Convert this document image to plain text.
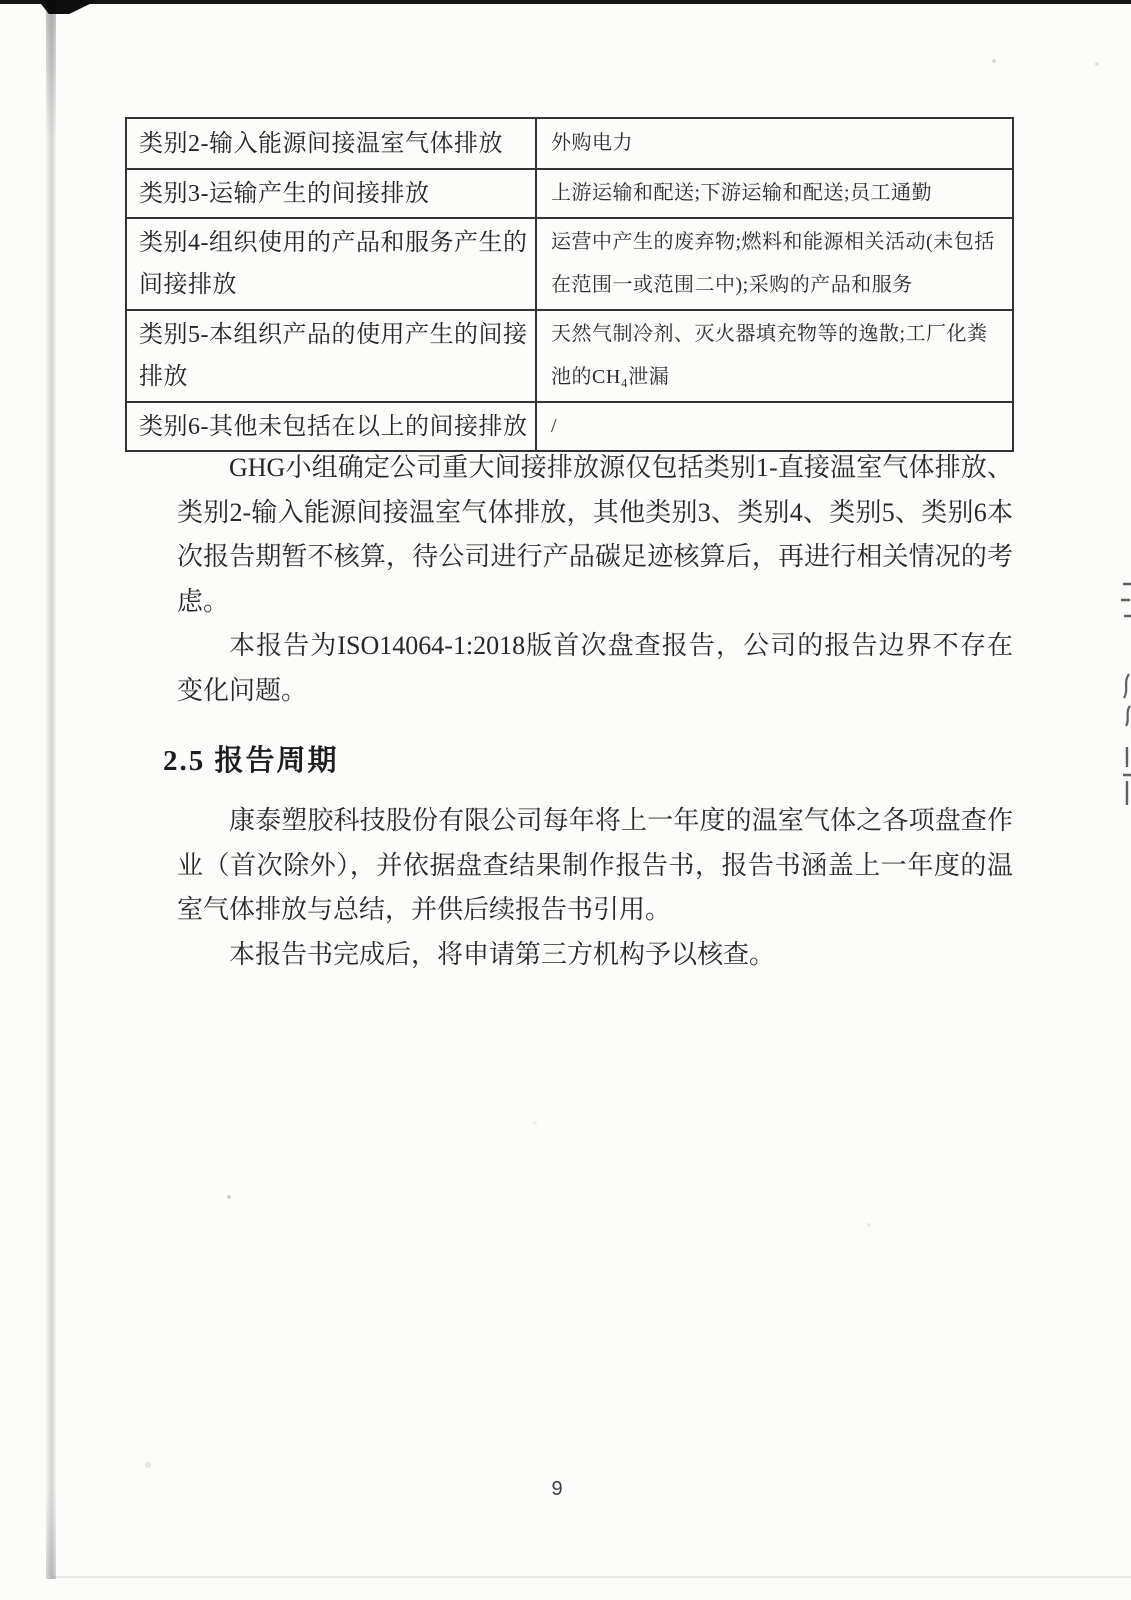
类别2-输入能源间接温室气体排放	外购电力
类别3-运输产生的间接排放	上游运输和配送;下游运输和配送;员工通勤
类别4-组织使用的产品和服务产生的间接排放	运营中产生的废弃物;燃料和能源相关活动(未包括在范围一或范围二中);采购的产品和服务
类别5-本组织产品的使用产生的间接排放	天然气制冷剂、灭火器填充物等的逸散;工厂化粪池的CH₄泄漏
类别6-其他未包括在以上的间接排放	/

GHG小组确定公司重大间接排放源仅包括类别1-直接温室气体排放、类别2-输入能源间接温室气体排放，其他类别3、类别4、类别5、类别6本次报告期暂不核算，待公司进行产品碳足迹核算后，再进行相关情况的考虑。

本报告为ISO14064-1:2018版首次盘查报告，公司的报告边界不存在变化问题。

2.5 报告周期

康泰塑胶科技股份有限公司每年将上一年度的温室气体之各项盘查作业（首次除外），并依据盘查结果制作报告书，报告书涵盖上一年度的温室气体排放与总结，并供后续报告书引用。

本报告书完成后，将申请第三方机构予以核查。

9
